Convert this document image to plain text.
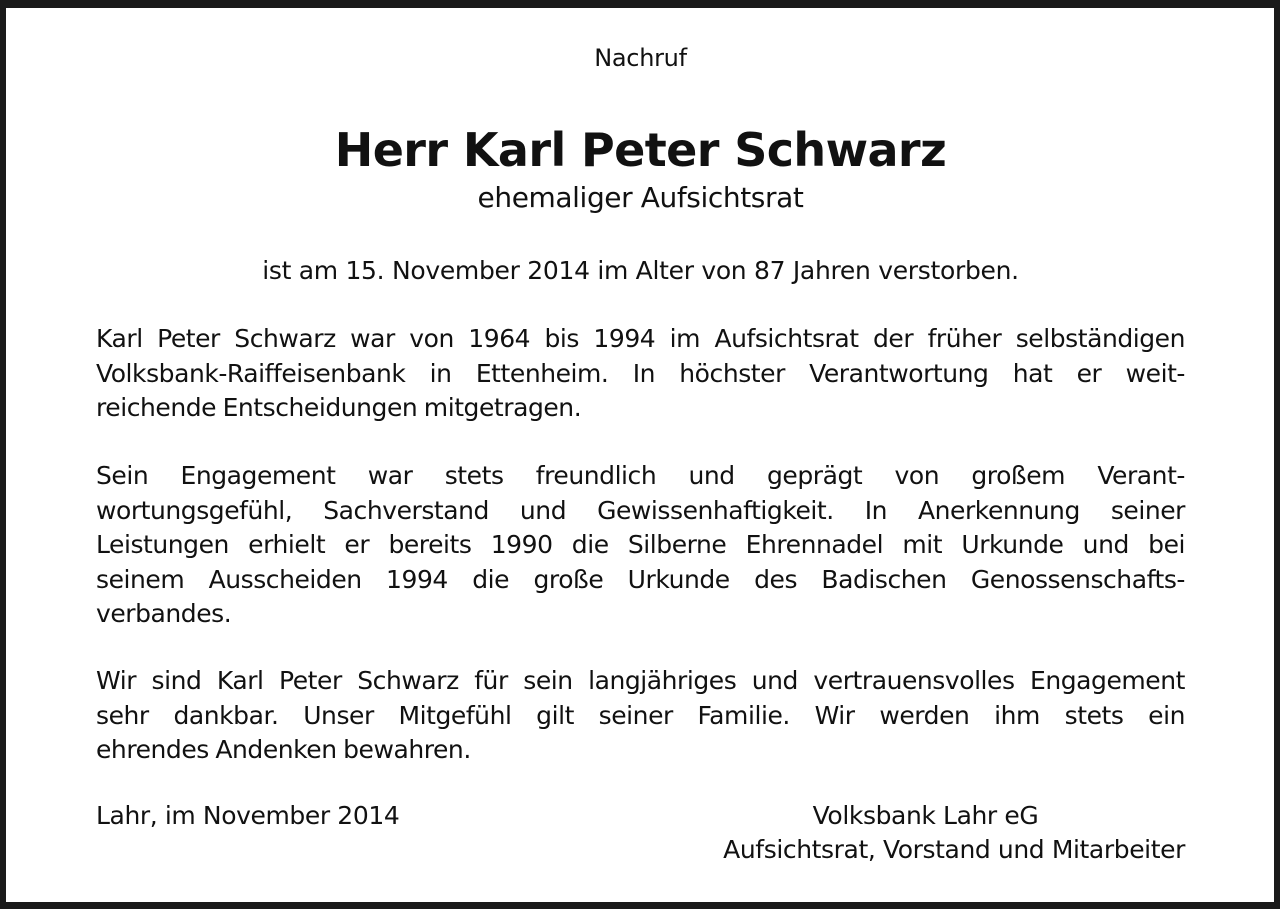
Nachruf
Herr Karl Peter Schwarz
ehemaliger Aufsichtsrat
ist am 15. November 2014 im Alter von 87 Jahren verstorben.
Karl Peter Schwarz war von 1964 bis 1994 im Aufsichtsrat der früher selbständigen
Volksbank-Raiffeisenbank in Ettenheim. In höchster Verantwortung hat er weit-
reichende Entscheidungen mitgetragen.
Sein Engagement war stets freundlich und geprägt von großem Verant-
wortungsgefühl, Sachverstand und Gewissenhaftigkeit. In Anerkennung seiner
Leistungen erhielt er bereits 1990 die Silberne Ehrennadel mit Urkunde und bei
seinem Ausscheiden 1994 die große Urkunde des Badischen Genossenschafts-
verbandes.
Wir sind Karl Peter Schwarz für sein langjähriges und vertrauensvolles Engagement
sehr dankbar. Unser Mitgefühl gilt seiner Familie. Wir werden ihm stets ein
ehrendes Andenken bewahren.
Lahr, im November 2014	Volksbank Lahr eG
Aufsichtsrat, Vorstand und Mitarbeiter
